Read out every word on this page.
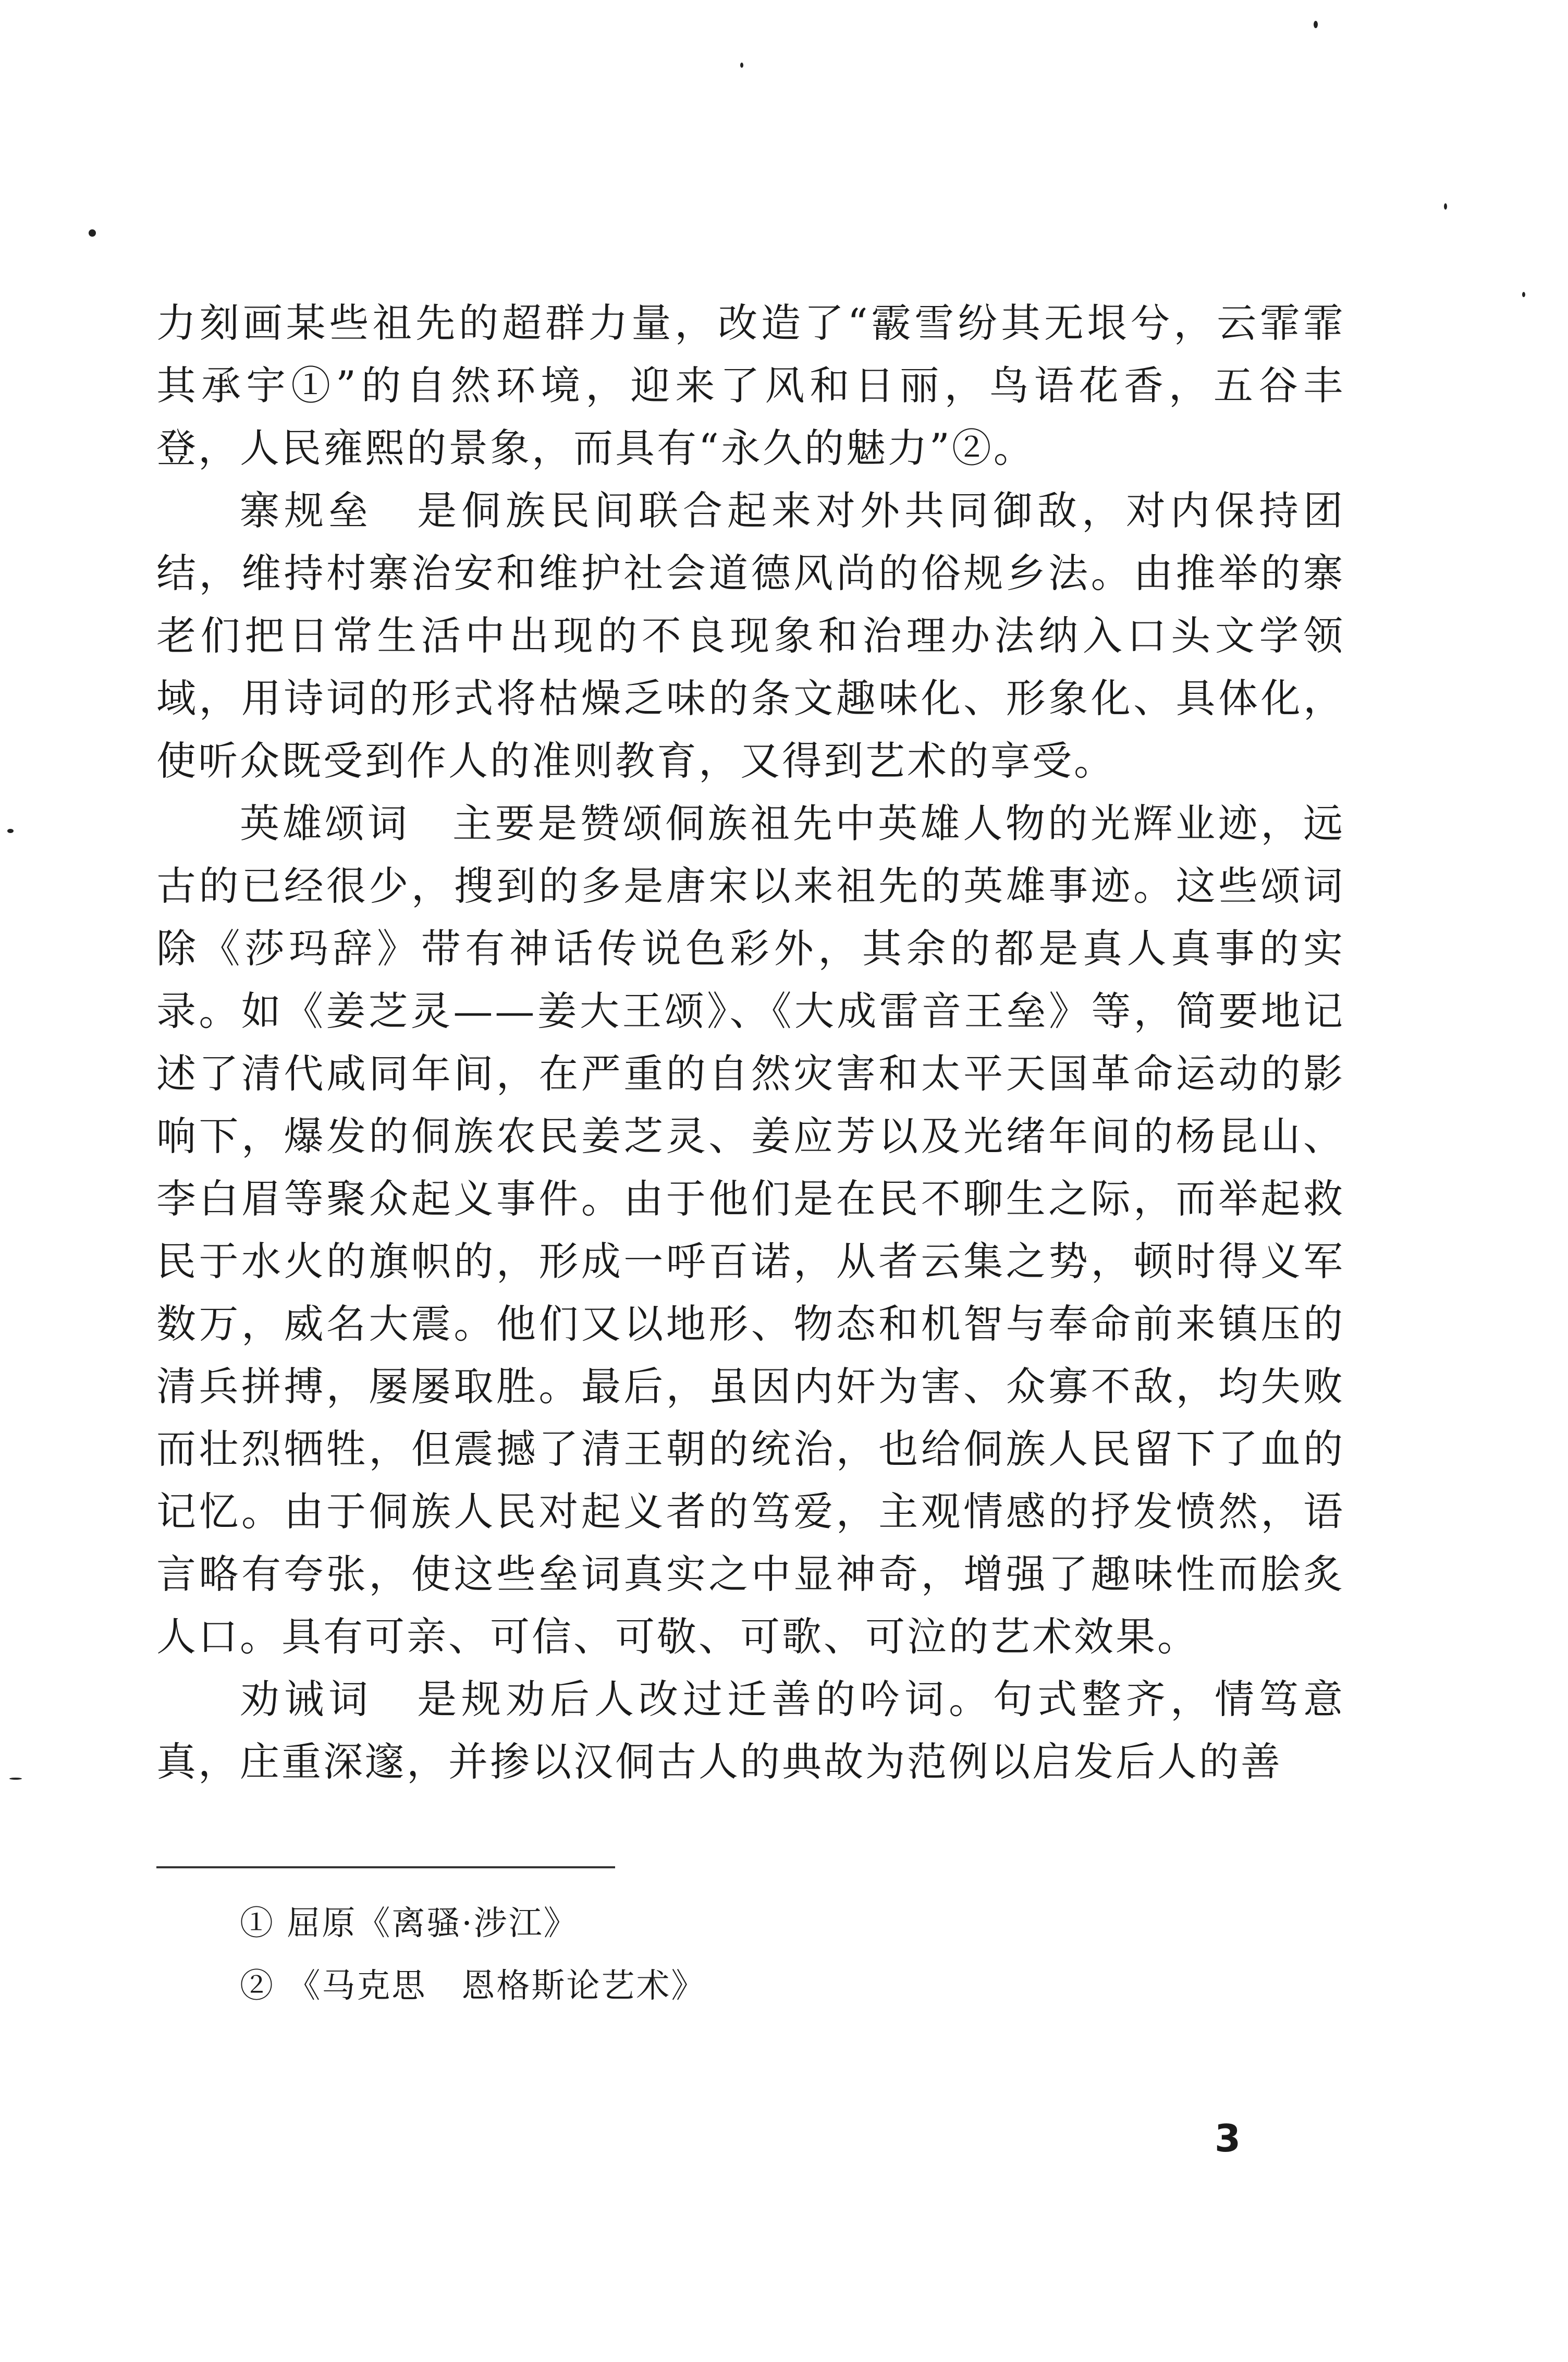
力刻画某些祖先的超群力量，改造了“霰雪纷其无垠兮，云霏霏其承宇①”的自然环境，迎来了风和日丽，鸟语花香，五谷丰登，人民雍熙的景象，而具有“永久的魅力”②。

寨规垒　是侗族民间联合起来对外共同御敌，对内保持团结，维持村寨治安和维护社会道德风尚的俗规乡法。由推举的寨老们把日常生活中出现的不良现象和治理办法纳入口头文学领域，用诗词的形式将枯燥乏味的条文趣味化、形象化、具体化，使听众既受到作人的准则教育，又得到艺术的享受。

英雄颂词　主要是赞颂侗族祖先中英雄人物的光辉业迹，远古的已经很少，搜到的多是唐宋以来祖先的英雄事迹。这些颂词除《莎玛辞》带有神话传说色彩外，其余的都是真人真事的实录。如《姜芝灵——姜大王颂》、《大成雷音王垒》等，简要地记述了清代咸同年间，在严重的自然灾害和太平天国革命运动的影响下，爆发的侗族农民姜芝灵、姜应芳以及光绪年间的杨昆山、李白眉等聚众起义事件。由于他们是在民不聊生之际，而举起救民于水火的旗帜的，形成一呼百诺，从者云集之势，顿时得义军数万，威名大震。他们又以地形、物态和机智与奉命前来镇压的清兵拼搏，屡屡取胜。最后，虽因内奸为害、众寡不敌，均失败而壮烈牺牲，但震撼了清王朝的统治，也给侗族人民留下了血的记忆。由于侗族人民对起义者的笃爱，主观情感的抒发愤然，语言略有夸张，使这些垒词真实之中显神奇，增强了趣味性而脍炙人口。具有可亲、可信、可敬、可歌、可泣的艺术效果。

劝诫词　是规劝后人改过迁善的吟词。句式整齐，情笃意真，庄重深邃，并掺以汉侗古人的典故为范例以启发后人的善

① 屈原《离骚·涉江》

② 《马克思　恩格斯论艺术》

3
